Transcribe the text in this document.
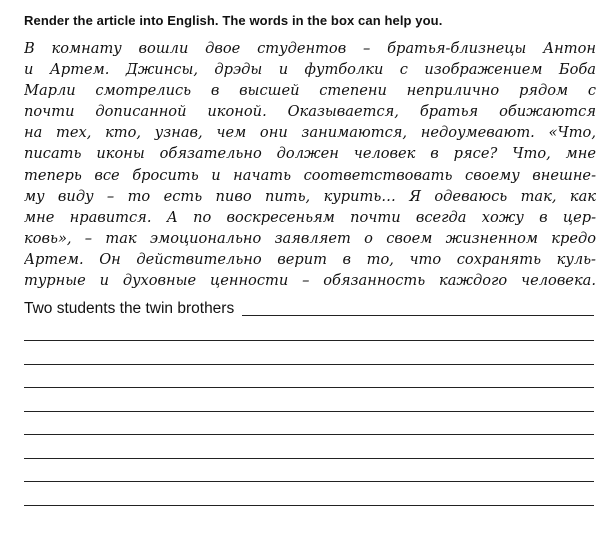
Render the article into English. The words in the box can help you.
В комнату вошли двое студентов – братья-близнецы Антон
и Артем. Джинсы, дрэды и футболки с изображением Боба
Марли смотрелись в высшей степени неприлично рядом с
почти дописанной иконой. Оказывается, братья обижаются
на тех, кто, узнав, чем они занимаются, недоумевают. «Что,
писать иконы обязательно должен человек в рясе? Что, мне
теперь все бросить и начать соответствовать своему внешне-
му виду – то есть пиво пить, курить… Я одеваюсь так, как
мне нравится. А по воскресеньям почти всегда хожу в цер-
ковь», – так эмоционально заявляет о своем жизненном кредо
Артем. Он действительно верит в то, что сохранять куль-
турные и духовные ценности – обязанность каждого человека.
Two students the twin brothers
